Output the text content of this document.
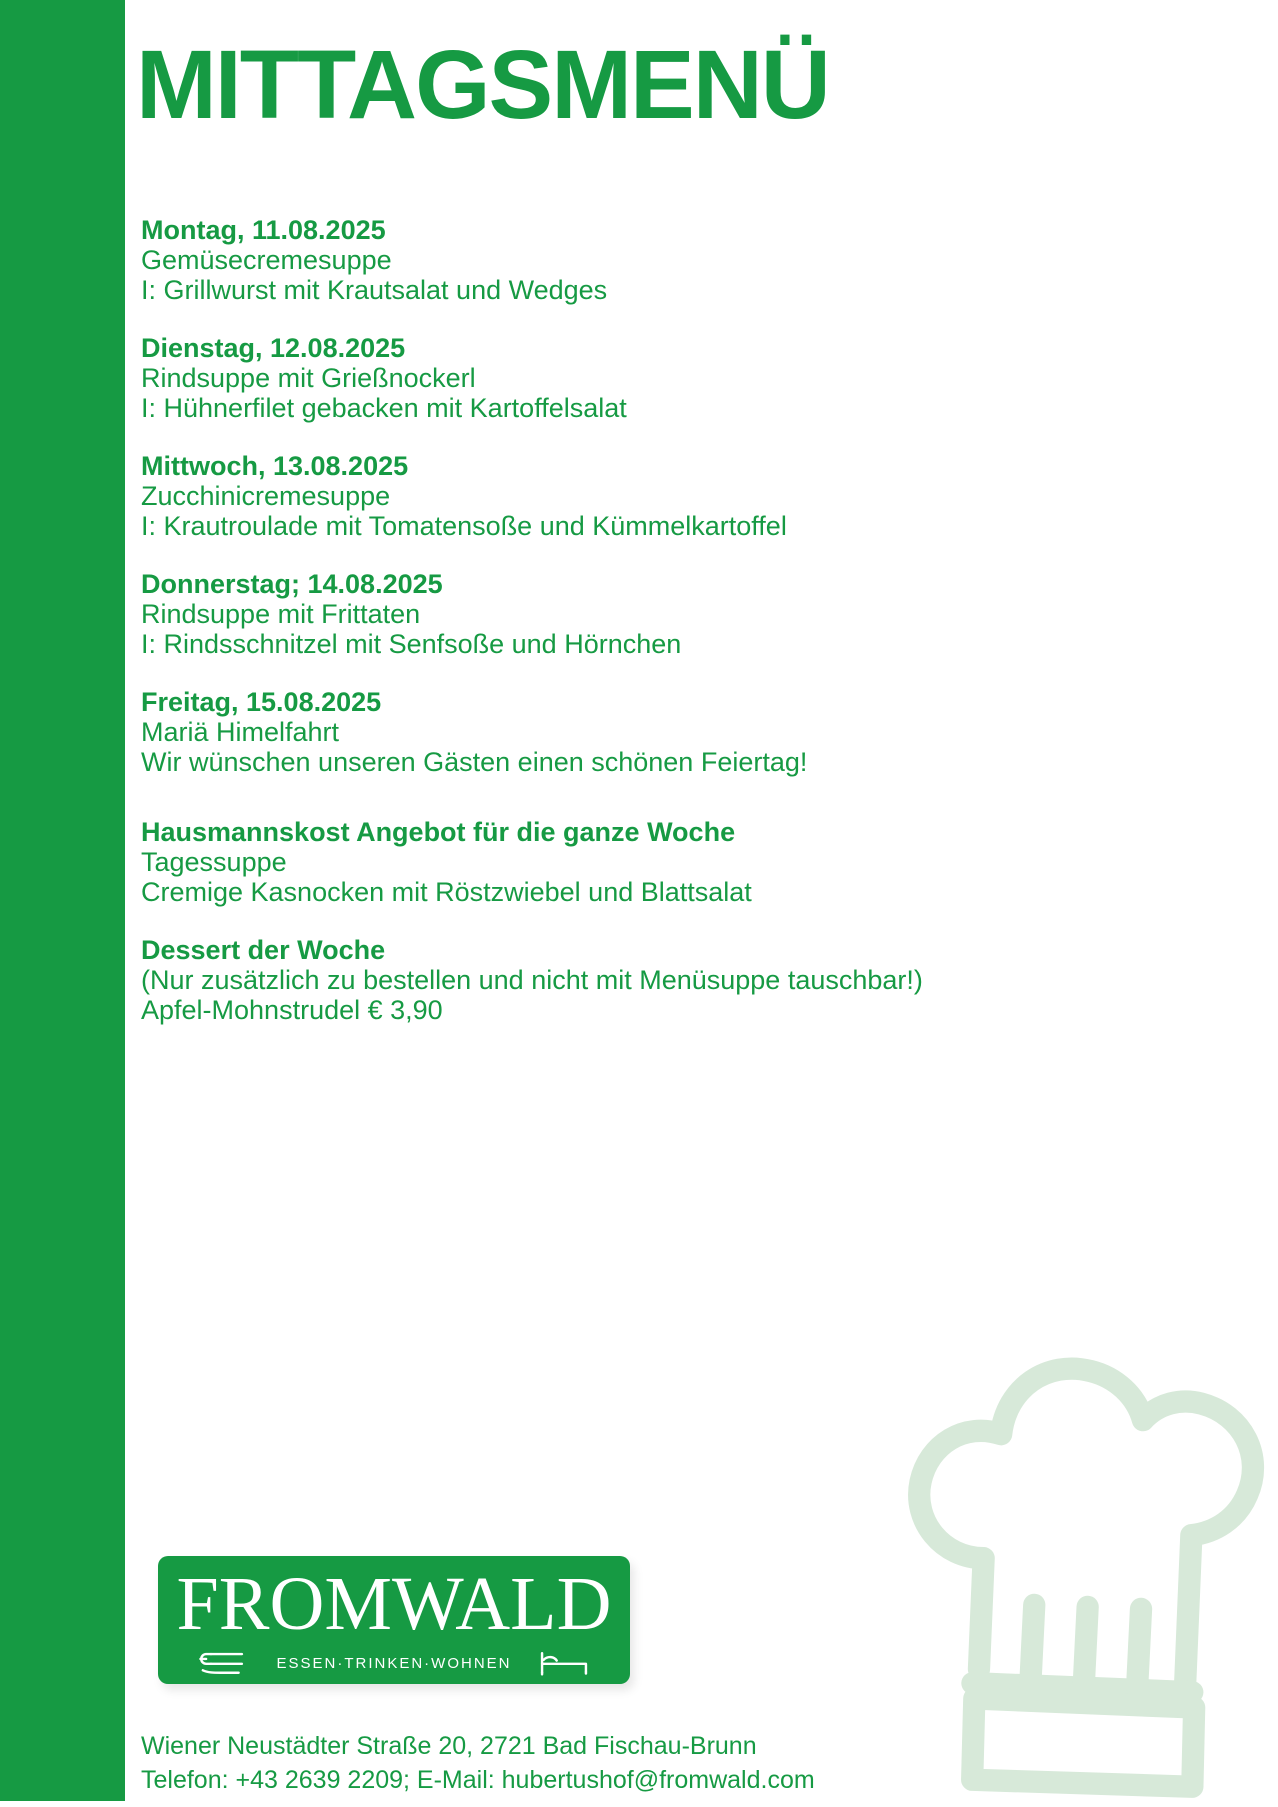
MITTAGSMENÜ
Montag, 11.08.2025
Gemüsecremesuppe
I: Grillwurst mit Krautsalat und Wedges
Dienstag, 12.08.2025
Rindsuppe mit Grießnockerl
I: Hühnerfilet gebacken mit Kartoffelsalat
Mittwoch, 13.08.2025
Zucchinicremesuppe
I: Krautroulade mit Tomatensoße und Kümmelkartoffel
Donnerstag; 14.08.2025
Rindsuppe mit Frittaten
I: Rindsschnitzel mit Senfsoße und Hörnchen
Freitag, 15.08.2025
Mariä Himelfahrt
Wir wünschen unseren Gästen einen schönen Feiertag!
Hausmannskost Angebot für die ganze Woche
Tagessuppe
Cremige Kasnocken mit Röstzwiebel und Blattsalat
Dessert der Woche
(Nur zusätzlich zu bestellen und nicht mit Menüsuppe tauschbar!)
Apfel-Mohnstrudel € 3,90
FROMWALD
ESSEN·TRINKEN·WOHNEN
Wiener Neustädter Straße 20, 2721 Bad Fischau-Brunn
Telefon: +43 2639 2209; E-Mail: hubertushof@fromwald.com
